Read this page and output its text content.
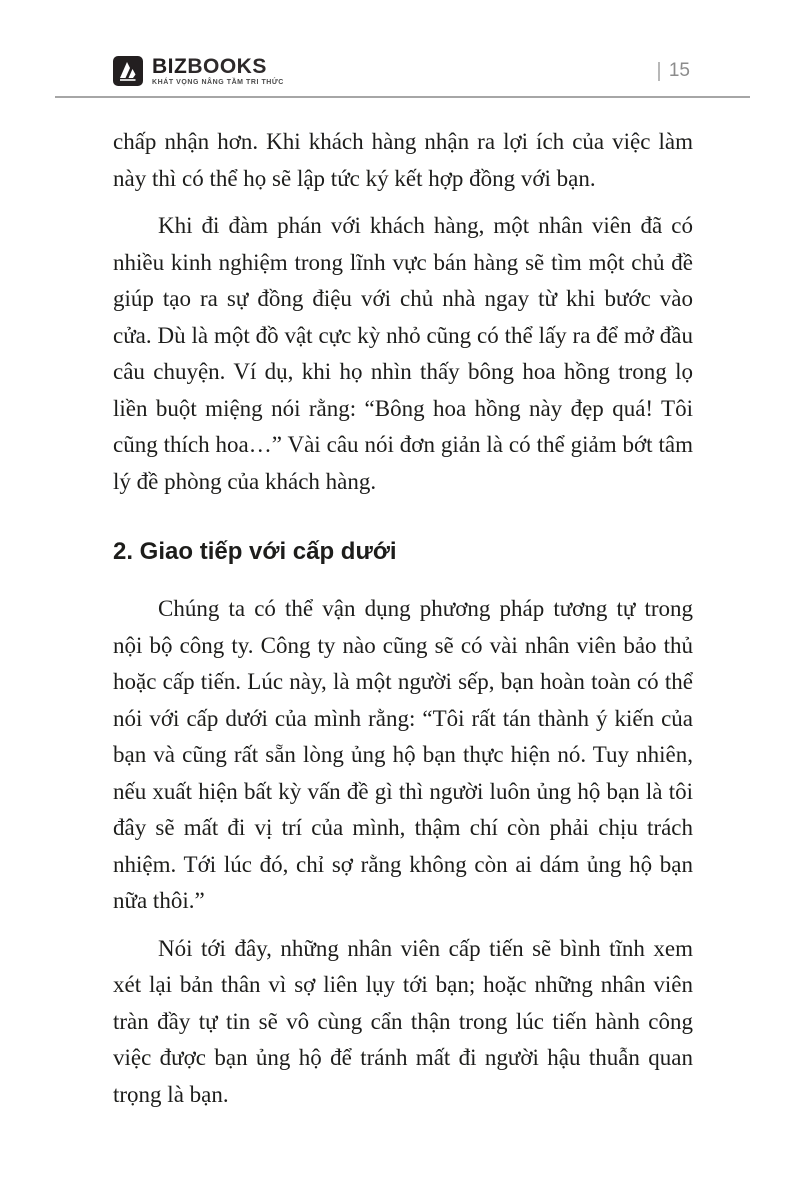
BIZBOOKS
KHÁT VỌNG NÂNG TẦM TRI THỨC
15

chấp nhận hơn. Khi khách hàng nhận ra lợi ích của việc làm này thì có thể họ sẽ lập tức ký kết hợp đồng với bạn.

Khi đi đàm phán với khách hàng, một nhân viên đã có nhiều kinh nghiệm trong lĩnh vực bán hàng sẽ tìm một chủ đề giúp tạo ra sự đồng điệu với chủ nhà ngay từ khi bước vào cửa. Dù là một đồ vật cực kỳ nhỏ cũng có thể lấy ra để mở đầu câu chuyện. Ví dụ, khi họ nhìn thấy bông hoa hồng trong lọ liền buột miệng nói rằng: “Bông hoa hồng này đẹp quá! Tôi cũng thích hoa…” Vài câu nói đơn giản là có thể giảm bớt tâm lý đề phòng của khách hàng.

2. Giao tiếp với cấp dưới

Chúng ta có thể vận dụng phương pháp tương tự trong nội bộ công ty. Công ty nào cũng sẽ có vài nhân viên bảo thủ hoặc cấp tiến. Lúc này, là một người sếp, bạn hoàn toàn có thể nói với cấp dưới của mình rằng: “Tôi rất tán thành ý kiến của bạn và cũng rất sẵn lòng ủng hộ bạn thực hiện nó. Tuy nhiên, nếu xuất hiện bất kỳ vấn đề gì thì người luôn ủng hộ bạn là tôi đây sẽ mất đi vị trí của mình, thậm chí còn phải chịu trách nhiệm. Tới lúc đó, chỉ sợ rằng không còn ai dám ủng hộ bạn nữa thôi.”

Nói tới đây, những nhân viên cấp tiến sẽ bình tĩnh xem xét lại bản thân vì sợ liên lụy tới bạn; hoặc những nhân viên tràn đầy tự tin sẽ vô cùng cẩn thận trong lúc tiến hành công việc được bạn ủng hộ để tránh mất đi người hậu thuẫn quan trọng là bạn.
